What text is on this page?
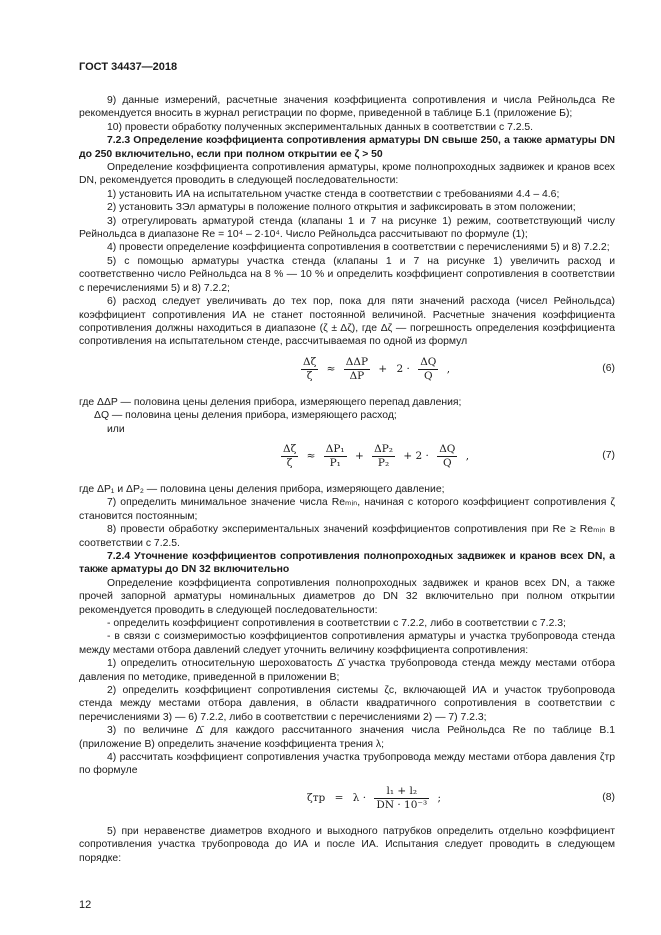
ГОСТ 34437—2018

9) данные измерений, расчетные значения коэффициента сопротивления и числа Рейнольдса Re рекомендуется вносить в журнал регистрации по форме, приведенной в таблице Б.1 (приложение Б);

10) провести обработку полученных экспериментальных данных в соответствии с 7.2.5.

7.2.3 Определение коэффициента сопротивления арматуры DN свыше 250, а также арматуры DN до 250 включительно, если при полном открытии ее ζ > 50

Определение коэффициента сопротивления арматуры, кроме полнопроходных задвижек и кранов всех DN, рекомендуется проводить в следующей последовательности:

1) установить ИА на испытательном участке стенда в соответствии с требованиями 4.4 – 4.6;

2) установить ЗЭл арматуры в положение полного открытия и зафиксировать в этом положении;

3) отрегулировать арматурой стенда (клапаны 1 и 7 на рисунке 1) режим, соответствующий числу Рейнольдса в диапазоне Re = 10⁴ – 2·10⁴. Число Рейнольдса рассчитывают по формуле (1);

4) провести определение коэффициента сопротивления в соответствии с перечислениями 5) и 8) 7.2.2;

5) с помощью арматуры участка стенда (клапаны 1 и 7 на рисунке 1) увеличить расход и соответственно число Рейнольдса на 8 % — 10 % и определить коэффициент сопротивления в соответствии с перечислениями 5) и 8) 7.2.2;

6) расход следует увеличивать до тех пор, пока для пяти значений расхода (чисел Рейнольдса) коэффициент сопротивления ИА не станет постоянной величиной. Расчетные значения коэффициента сопротивления должны находиться в диапазоне (ζ ± Δζ), где Δζ — погрешность определения коэффициента сопротивления на испытательном стенде, рассчитываемая по одной из формул

$\frac{\Delta\zeta}{\zeta} \approx \frac{\text{ΔΔP}}{\Delta P} + 2 \cdot \frac{\Delta Q}{Q}$ ,	(6)

где ΔΔP — половина цены деления прибора, измеряющего перепад давления;

ΔQ — половина цены деления прибора, измеряющего расход;

или

$\frac{\Delta\zeta}{\zeta} \approx \frac{\text{ΔP₁}}{\text{P₁}} + \frac{\text{ΔP₂}}{\text{P₂}} + 2 \cdot \frac{\Delta Q}{Q}$ ,	(7)

где ΔP₁ и ΔP₂ — половина цены деления прибора, измеряющего давление;

7) определить минимальное значение числа Reₘᵢₙ, начиная с которого коэффициент сопротивления ζ становится постоянным;

8) провести обработку экспериментальных значений коэффициентов сопротивления при Re ≥ Reₘᵢₙ в соответствии с 7.2.5.

7.2.4 Уточнение коэффициентов сопротивления полнопроходных задвижек и кранов всех DN, а также арматуры до DN 32 включительно

Определение коэффициента сопротивления полнопроходных задвижек и кранов всех DN, а также прочей запорной арматуры номинальных диаметров до DN 32 включительно при полном открытии рекомендуется проводить в следующей последовательности:

- определить коэффициент сопротивления в соответствии с 7.2.2, либо в соответствии с 7.2.3;

- в связи с соизмеримостью коэффициентов сопротивления арматуры и участка трубопровода стенда между местами отбора давлений следует уточнить величину коэффициента сопротивления:

1) определить относительную шероховатость Δ̄ участка трубопровода стенда между местами отбора давления по методике, приведенной в приложении В;

2) определить коэффициент сопротивления системы ζс, включающей ИА и участок трубопровода стенда между местами отбора давления, в области квадратичного сопротивления в соответствии с перечислениями 3) — 6) 7.2.2, либо в соответствии с перечислениями 2) — 7) 7.2.3;

3) по величине Δ̄ для каждого рассчитанного значения числа Рейнольдса Re по таблице В.1 (приложение В) определить значение коэффициента трения λ;

4) рассчитать коэффициент сопротивления участка трубопровода между местами отбора давления ζтр по формуле

$\zeta тр = \lambda \cdot \frac{\text{l₁ + l₂}}{\text{DN · 10⁻³}}$ ;	(8)

5) при неравенстве диаметров входного и выходного патрубков определить отдельно коэффициент сопротивления участка трубопровода до ИА и после ИА. Испытания следует проводить в следующем порядке:

12
